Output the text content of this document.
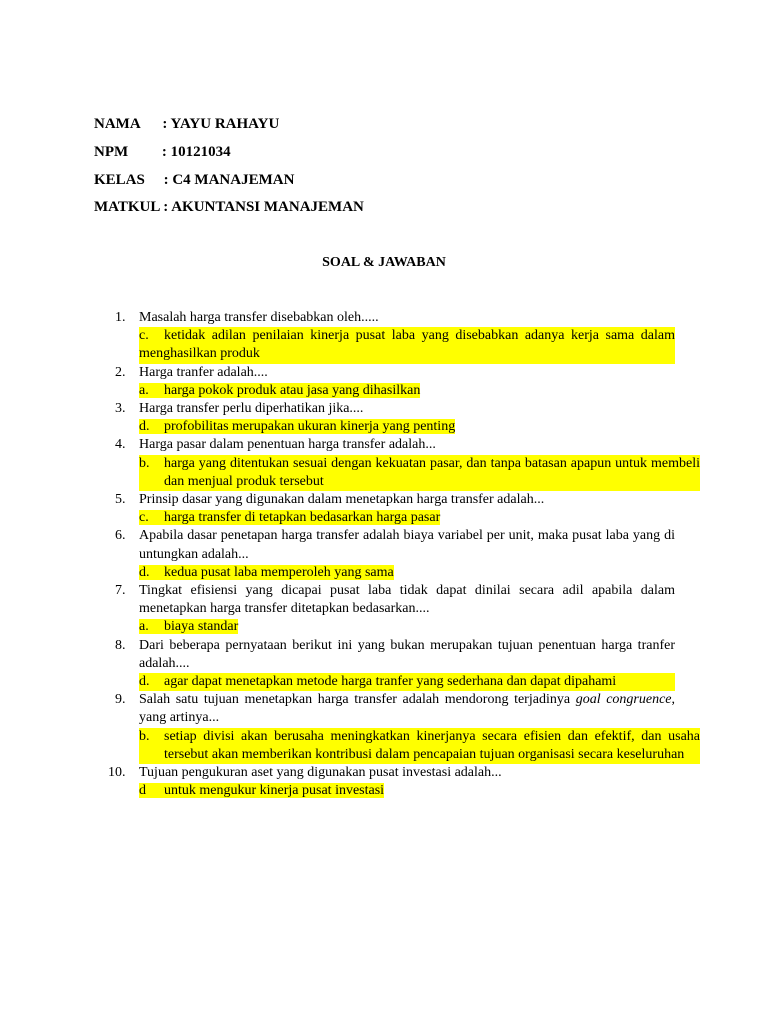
NAMA      : YAYU RAHAYU
NPM         : 10121034
KELAS     : C4 MANAJEMAN
MATKUL : AKUNTANSI MANAJEMAN
SOAL & JAWABAN
1. Masalah harga transfer disebabkan oleh.....
c. ketidak adilan penilaian kinerja pusat laba yang disebabkan adanya kerja sama dalam menghasilkan produk
2. Harga tranfer adalah....
a. harga pokok produk atau jasa yang dihasilkan
3. Harga transfer perlu diperhatikan jika....
d. profobilitas merupakan ukuran kinerja yang penting
4. Harga pasar dalam penentuan harga transfer adalah...
b. harga yang ditentukan sesuai dengan kekuatan pasar, dan tanpa batasan apapun untuk membeli dan menjual produk tersebut
5. Prinsip dasar yang digunakan dalam menetapkan harga transfer adalah...
c. harga transfer di tetapkan bedasarkan harga pasar
6. Apabila dasar penetapan harga transfer adalah biaya variabel per unit, maka pusat laba yang di untungkan adalah...
d. kedua pusat laba memperoleh yang sama
7. Tingkat efisiensi yang dicapai pusat laba tidak dapat dinilai secara adil apabila dalam menetapkan harga transfer ditetapkan bedasarkan....
a. biaya standar
8. Dari beberapa pernyataan berikut ini yang bukan merupakan tujuan penentuan harga tranfer adalah....
d. agar dapat menetapkan metode harga tranfer yang sederhana dan dapat dipahami
9. Salah satu tujuan menetapkan harga transfer adalah mendorong terjadinya goal congruence, yang artinya...
b. setiap divisi akan berusaha meningkatkan kinerjanya secara efisien dan efektif, dan usaha tersebut akan memberikan kontribusi dalam pencapaian tujuan organisasi secara keseluruhan
10. Tujuan pengukuran aset yang digunakan pusat investasi adalah...
d untuk mengukur kinerja pusat investasi
